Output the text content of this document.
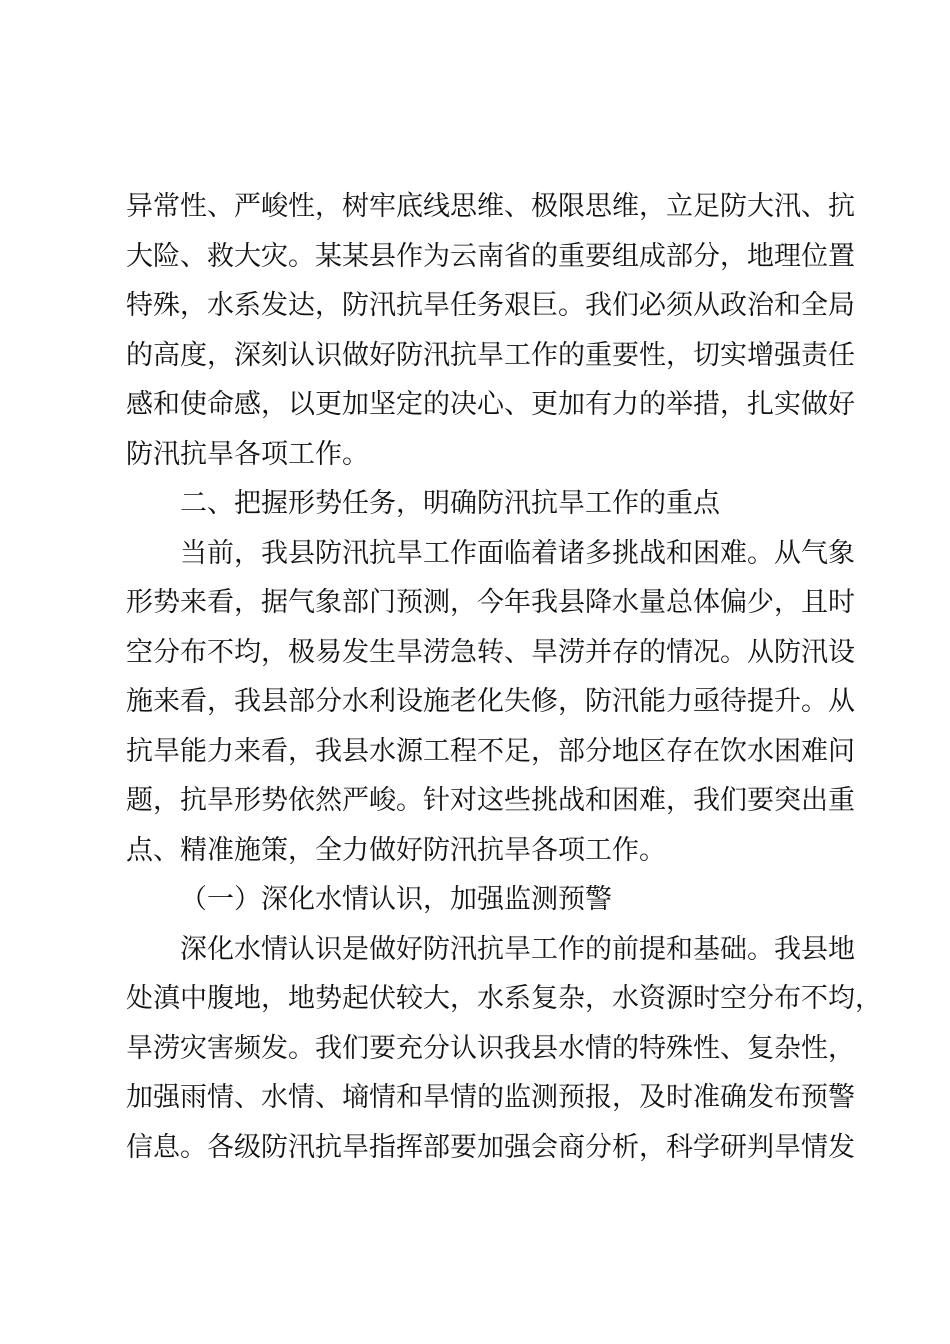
异常性、严峻性，树牢底线思维、极限思维，立足防大汛、抗
大险、救大灾。某某县作为云南省的重要组成部分，地理位置
特殊，水系发达，防汛抗旱任务艰巨。我们必须从政治和全局
的高度，深刻认识做好防汛抗旱工作的重要性，切实增强责任
感和使命感，以更加坚定的决心、更加有力的举措，扎实做好
防汛抗旱各项工作。
二、把握形势任务，明确防汛抗旱工作的重点
当前，我县防汛抗旱工作面临着诸多挑战和困难。从气象
形势来看，据气象部门预测，今年我县降水量总体偏少，且时
空分布不均，极易发生旱涝急转、旱涝并存的情况。从防汛设
施来看，我县部分水利设施老化失修，防汛能力亟待提升。从
抗旱能力来看，我县水源工程不足，部分地区存在饮水困难问
题，抗旱形势依然严峻。针对这些挑战和困难，我们要突出重
点、精准施策，全力做好防汛抗旱各项工作。
（一）深化水情认识，加强监测预警
深化水情认识是做好防汛抗旱工作的前提和基础。我县地
处滇中腹地，地势起伏较大，水系复杂，水资源时空分布不均，
旱涝灾害频发。我们要充分认识我县水情的特殊性、复杂性，
加强雨情、水情、墒情和旱情的监测预报，及时准确发布预警
信息。各级防汛抗旱指挥部要加强会商分析，科学研判旱情发
